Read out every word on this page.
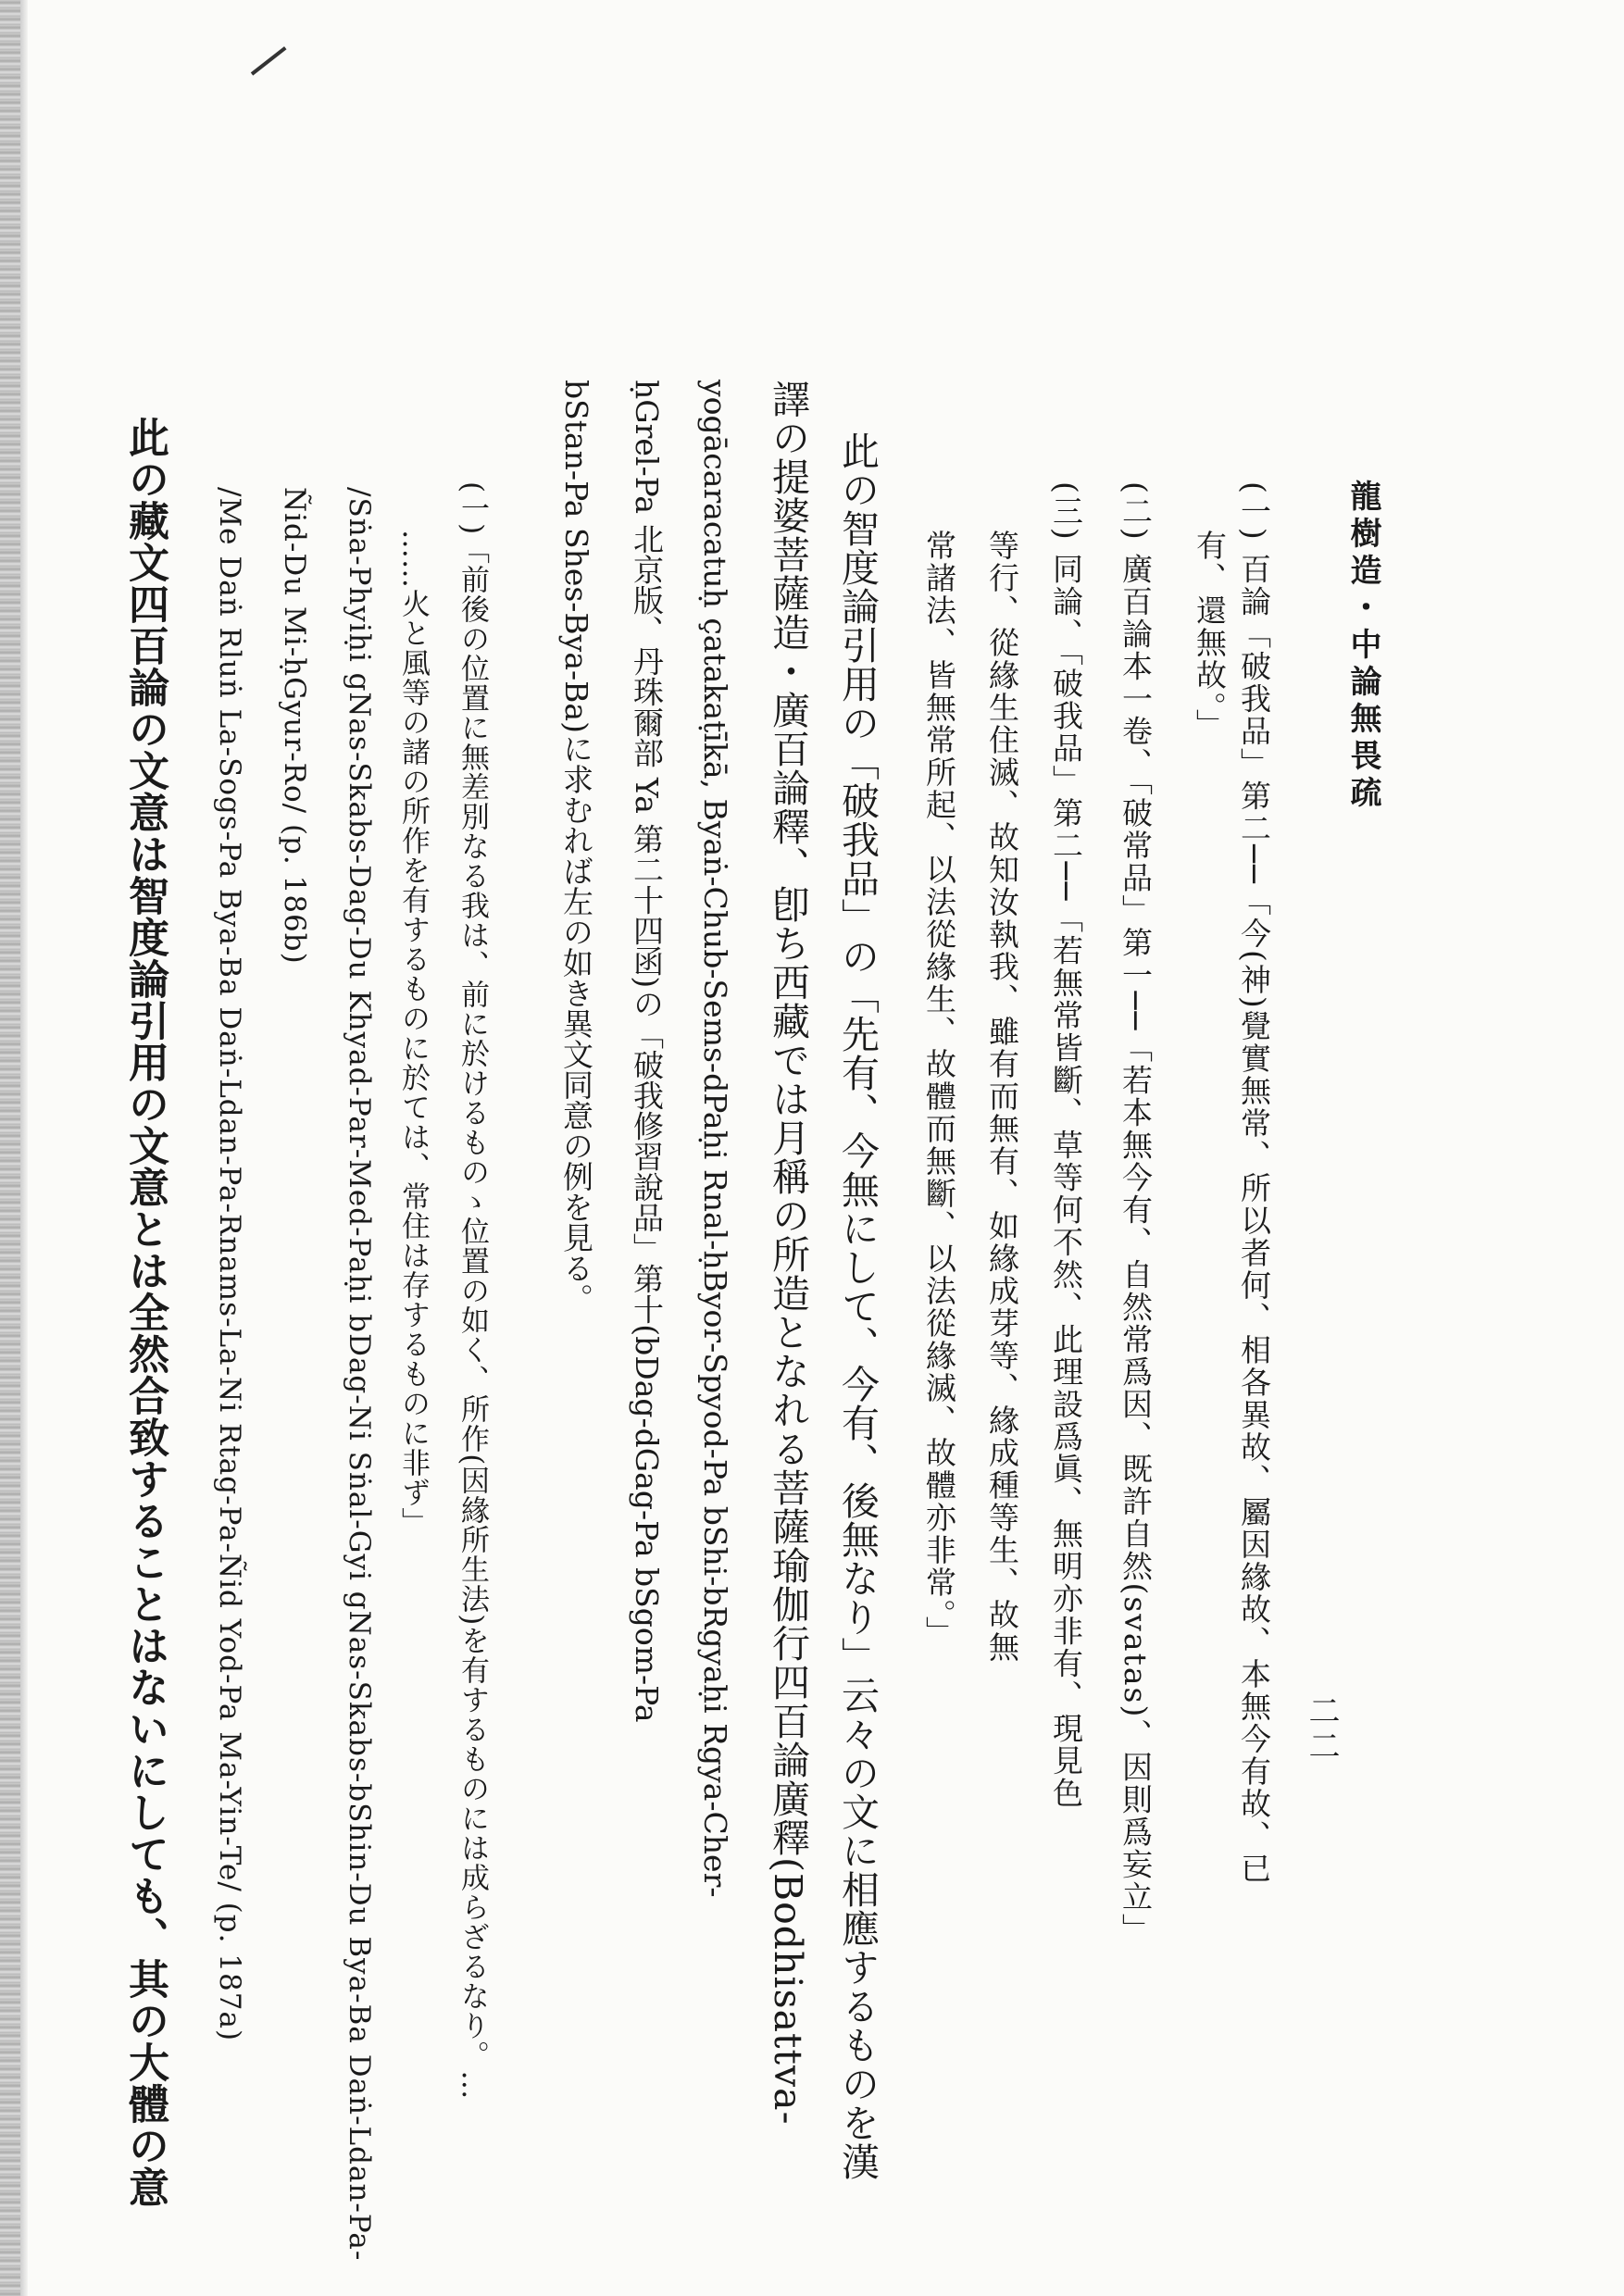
龍樹造・中論無畏疏
二二
(一) 百論「破我品」第二──「今(神)覺實無常、所以者何、相各異故、屬因緣故、本無今有故、已
有、還無故。」
(二) 廣百論本一卷、「破常品」第一──「若本無今有、自然常爲因、既許自然(svatas)、因則爲妄立」
(三) 同論、「破我品」第二──「若無常皆斷、草等何不然、此理設爲眞、無明亦非有、現見色
等行、從緣生住滅、故知汝執我、雖有而無有、如緣成芽等、緣成種等生、故無
常諸法、皆無常所起、以法從緣生、故體而無斷、以法從緣滅、故體亦非常。」
此の智度論引用の「破我品」の「先有、今無にして、今有、後無なり」云々の文に相應するものを漢
譯の提婆菩薩造・廣百論釋、卽ち西藏では月稱の所造となれる菩薩瑜伽行四百論廣釋(Bodhisattva-
yogācaracatuḥ çatakaṭīkā, Byaṅ-Chub-Sems-dPaḥi Rnal-ḥByor-Spyod-Pa bShi-bRgyaḥi Rgya-Cher-
ḥGrel-Pa 北京版、丹珠爾部 Ya 第二十四函)の「破我修習說品」第十(bDag-dGag-Pa bSgom-Pa
bStan-Pa Shes-Bya-Ba)に求むれば左の如き異文同意の例を見る。
(一)「前後の位置に無差別なる我は、前に於けるものゝ位置の如く、所作(因緣所生法)を有するものには成らざるなり。…
……火と風等の諸の所作を有するものに於ては、常住は存するものに非ず」
/Sṅa-Phyiḥi gNas-Skabs-Dag-Du Khyad-Par-Med-Paḥi bDag-Ni Sṅal-Gyi gNas-Skabs-bShin-Du Bya-Ba Daṅ-Ldan-Pa-
Ñid-Du Mi-ḥGyur-Ro/ (p. 186b)
/Me Daṅ Rluṅ La-Sogs-Pa Bya-Ba Daṅ-Ldan-Pa-Rnams-La-Ni Rtag-Pa-Ñid Yod-Pa Ma-Yin-Te/ (p. 187a)
此の藏文四百論の文意は智度論引用の文意とは全然合致することはないにしても、其の大體の意
